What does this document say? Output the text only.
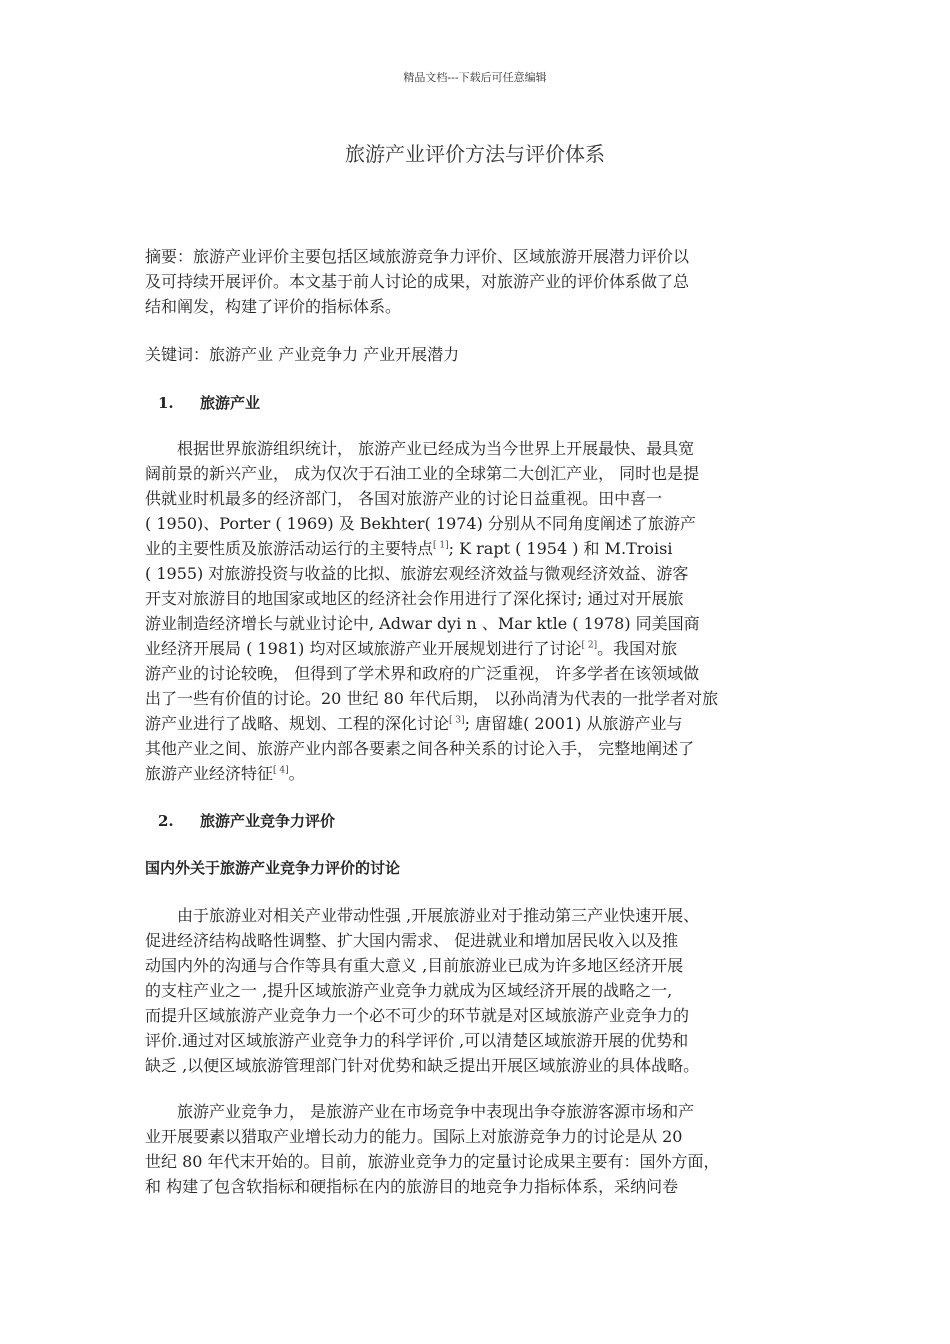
精品文档---下载后可任意编辑
旅游产业评价方法与评价体系
摘要：旅游产业评价主要包括区域旅游竞争力评价、区域旅游开展潜力评价以
及可持续开展评价。本文基于前人讨论的成果，对旅游产业的评价体系做了总
结和阐发，构建了评价的指标体系。
关键词：旅游产业 产业竞争力 产业开展潜力
1. 旅游产业
　　根据世界旅游组织统计， 旅游产业已经成为当今世界上开展最快、最具宽
阔前景的新兴产业， 成为仅次于石油工业的全球第二大创汇产业， 同时也是提
供就业时机最多的经济部门， 各国对旅游产业的讨论日益重视。田中喜一
( 1950)、Porter ( 1969) 及 Bekhter( 1974) 分别从不同角度阐述了旅游产
业的主要性质及旅游活动运行的主要特点[ 1]; K rapt ( 1954 ) 和 M.Troisi
( 1955) 对旅游投资与收益的比拟、旅游宏观经济效益与微观经济效益、游客
开支对旅游目的地国家或地区的经济社会作用进行了深化探讨; 通过对开展旅
游业制造经济增长与就业讨论中, Adwar dyi n 、Mar ktle ( 1978) 同美国商
业经济开展局 ( 1981) 均对区域旅游产业开展规划进行了讨论[ 2]。我国对旅
游产业的讨论较晚， 但得到了学术界和政府的广泛重视， 许多学者在该领域做
出了一些有价值的讨论。20 世纪 80 年代后期， 以孙尚清为代表的一批学者对旅
游产业进行了战略、规划、工程的深化讨论[ 3]; 唐留雄( 2001) 从旅游产业与
其他产业之间、旅游产业内部各要素之间各种关系的讨论入手， 完整地阐述了
旅游产业经济特征[ 4]。
2. 旅游产业竞争力评价
国内外关于旅游产业竞争力评价的讨论
　　由于旅游业对相关产业带动性强 ,开展旅游业对于推动第三产业快速开展、
促进经济结构战略性调整、扩大国内需求、 促进就业和增加居民收入以及推
动国内外的沟通与合作等具有重大意义 ,目前旅游业已成为许多地区经济开展
的支柱产业之一 ,提升区域旅游产业竞争力就成为区域经济开展的战略之一,
而提升区域旅游产业竞争力一个必不可少的环节就是对区域旅游产业竞争力的
评价.通过对区域旅游产业竞争力的科学评价 ,可以清楚区域旅游开展的优势和
缺乏 ,以便区域旅游管理部门针对优势和缺乏提出开展区域旅游业的具体战略。
　　旅游产业竞争力， 是旅游产业在市场竞争中表现出争夺旅游客源市场和产
业开展要素以猎取产业增长动力的能力。国际上对旅游竞争力的讨论是从 20
世纪 80 年代末开始的。目前，旅游业竞争力的定量讨论成果主要有：国外方面，
和 构建了包含软指标和硬指标在内的旅游目的地竞争力指标体系，采纳问卷
